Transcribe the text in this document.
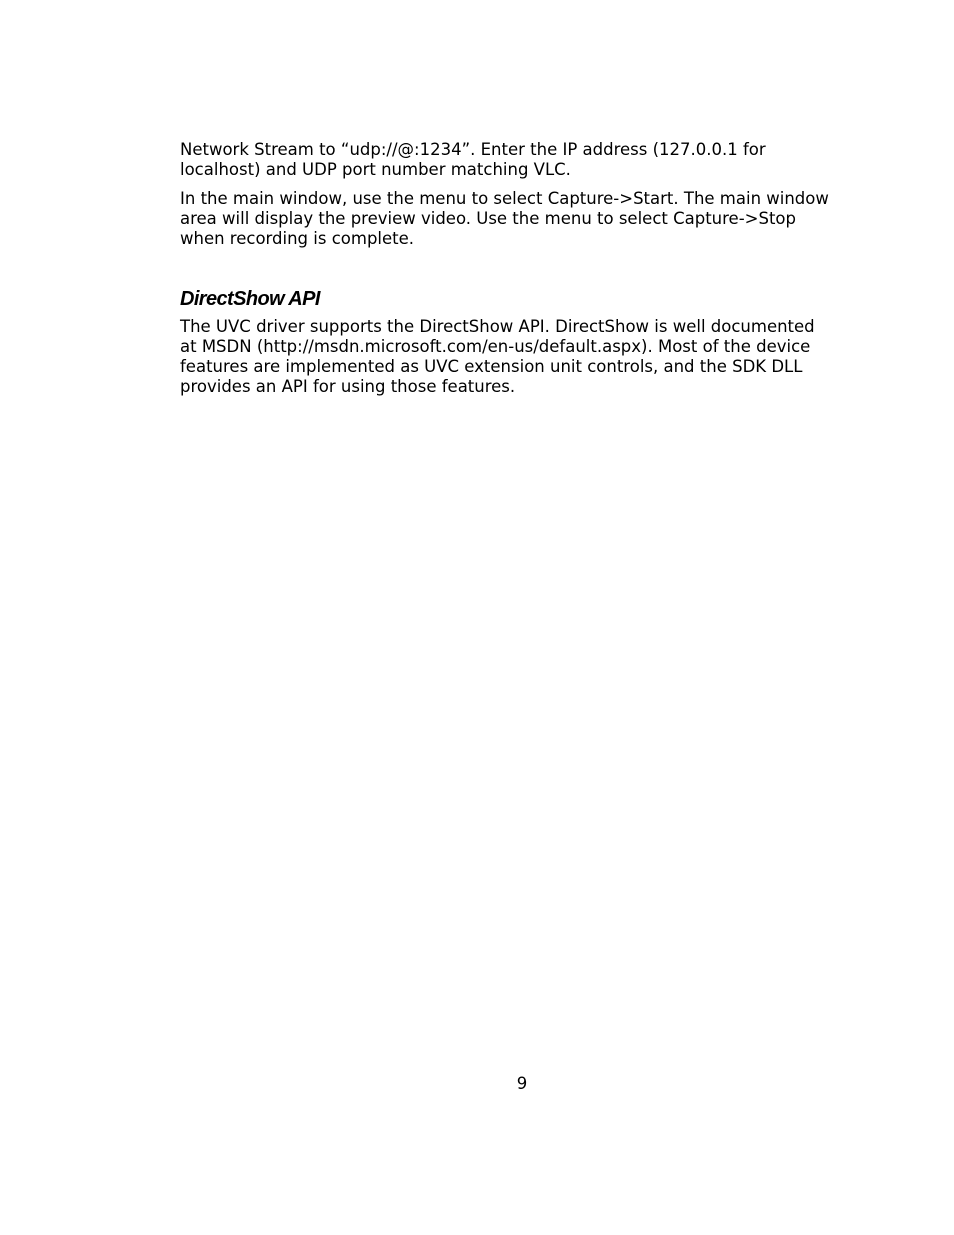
Network Stream to “udp://@:1234”. Enter the IP address (127.0.0.1 for
localhost) and UDP port number matching VLC.

In the main window, use the menu to select Capture->Start. The main window
area will display the preview video. Use the menu to select Capture->Stop
when recording is complete.

DirectShow API

The UVC driver supports the DirectShow API. DirectShow is well documented
at MSDN (http://msdn.microsoft.com/en-us/default.aspx). Most of the device
features are implemented as UVC extension unit controls, and the SDK DLL
provides an API for using those features.

9
